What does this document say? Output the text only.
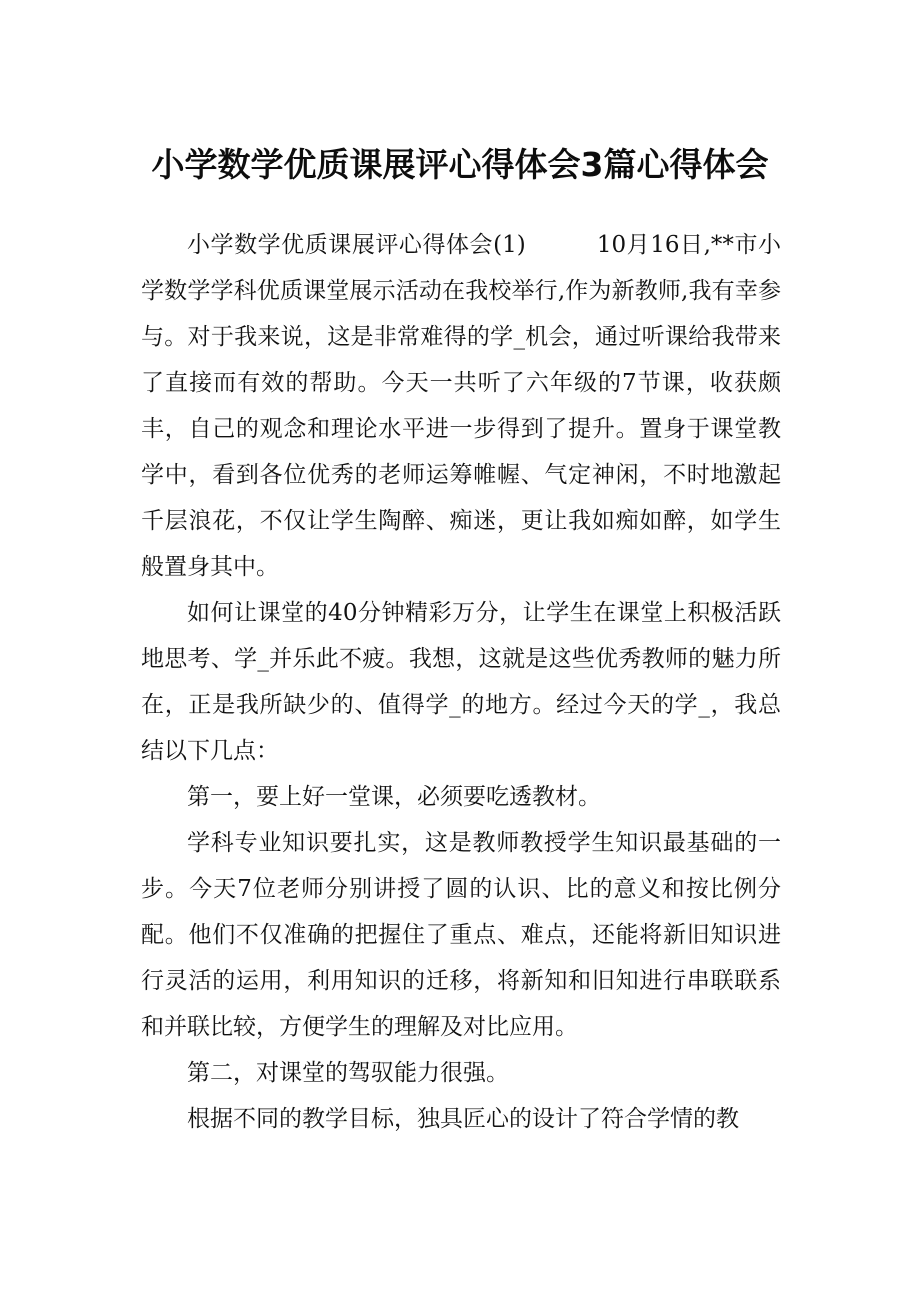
小学数学优质课展评心得体会3篇心得体会

小学数学优质课展评心得体会(1)　　　10月16日,**市小学数学学科优质课堂展示活动在我校举行,作为新教师,我有幸参与。对于我来说，这是非常难得的学_机会，通过听课给我带来了直接而有效的帮助。今天一共听了六年级的7节课，收获颇丰，自己的观念和理论水平进一步得到了提升。置身于课堂教学中，看到各位优秀的老师运筹帷幄、气定神闲，不时地激起千层浪花，不仅让学生陶醉、痴迷，更让我如痴如醉，如学生般置身其中。

如何让课堂的40分钟精彩万分，让学生在课堂上积极活跃地思考、学_并乐此不疲。我想，这就是这些优秀教师的魅力所在，正是我所缺少的、值得学_的地方。经过今天的学_，我总结以下几点：

第一，要上好一堂课，必须要吃透教材。

学科专业知识要扎实，这是教师教授学生知识最基础的一步。今天7位老师分别讲授了圆的认识、比的意义和按比例分配。他们不仅准确的把握住了重点、难点，还能将新旧知识进行灵活的运用，利用知识的迁移，将新知和旧知进行串联联系和并联比较，方便学生的理解及对比应用。

第二，对课堂的驾驭能力很强。

根据不同的教学目标，独具匠心的设计了符合学情的教
